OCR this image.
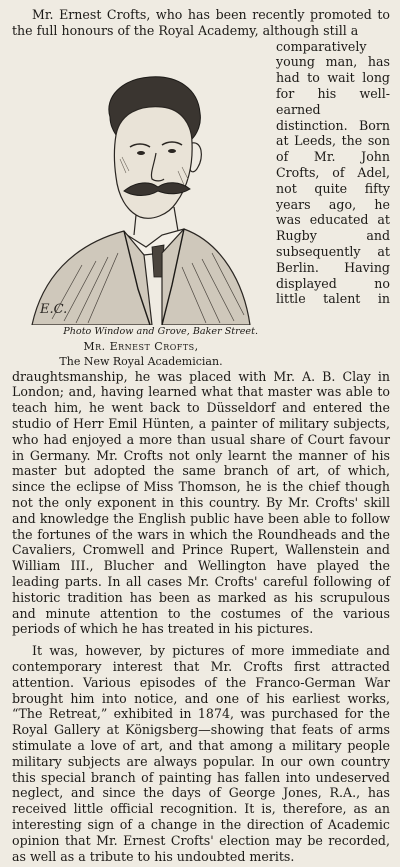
Mr. Ernest Crofts, who has been recently promoted to the full honours of the Royal Academy, although still a

E.C.
Photo Window and Grove, Baker Street.
Mr. Ernest Crofts,
The New Royal Academician.

comparatively young man, has had to wait long for his well-earned distinction. Born at Leeds, the son of Mr. John Crofts, of Adel, not quite fifty years ago, he was educated at Rugby and subsequently at Berlin. Having displayed no little talent in draughtsmanship, he was placed with Mr. A. B. Clay in London; and, having learned what that master was able to teach him, he went back to Düsseldorf and entered the studio of Herr Emil Hünten, a painter of military subjects, who had enjoyed a more than usual share of Court favour in Germany. Mr. Crofts not only learnt the manner of his master but adopted the same branch of art, of which, since the eclipse of Miss Thomson, he is the chief though not the only exponent in this country. By Mr. Crofts' skill and knowledge the English public have been able to follow the fortunes of the wars in which the Roundheads and the Cavaliers, Cromwell and Prince Rupert, Wallenstein and William III., Blucher and Wellington have played the leading parts. In all cases Mr. Crofts' careful following of historic tradition has been as marked as his scrupulous and minute attention to the costumes of the various periods of which he has treated in his pictures.

It was, however, by pictures of more immediate and contemporary interest that Mr. Crofts first attracted attention. Various episodes of the Franco-German War brought him into notice, and one of his earliest works, “The Retreat,” exhibited in 1874, was purchased for the Royal Gallery at Königsberg—showing that feats of arms stimulate a love of art, and that among a military people military subjects are always popular. In our own country this special branch of painting has fallen into undeserved neglect, and since the days of George Jones, R.A., has received little official recognition. It is, therefore, as an interesting sign of a change in the direction of Academic opinion that Mr. Ernest Crofts' election may be recorded, as well as a tribute to his undoubted merits.
